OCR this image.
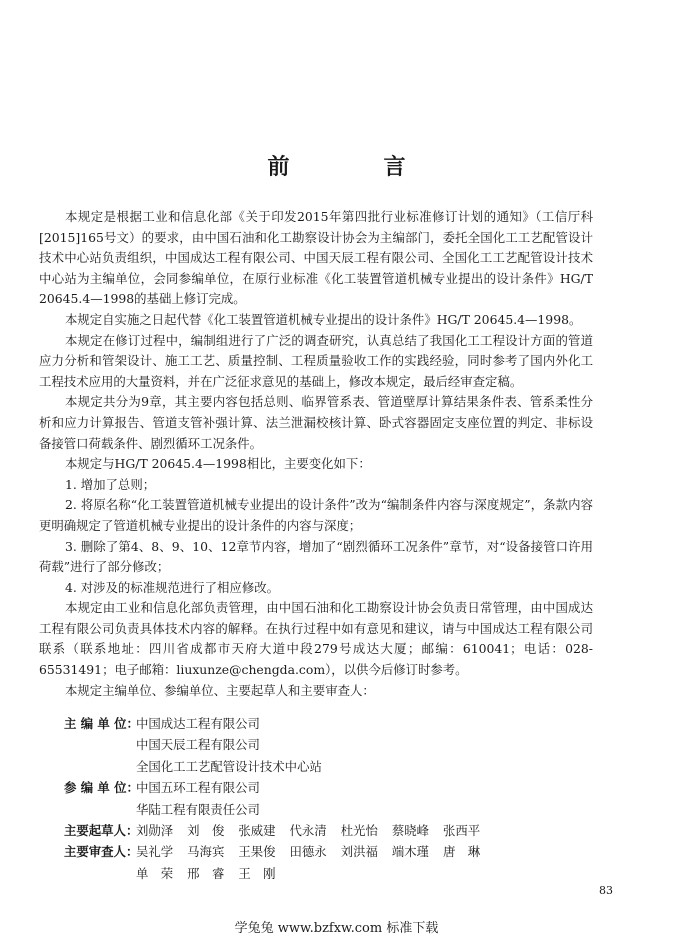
前　言

本规定是根据工业和信息化部《关于印发2015年第四批行业标准修订计划的通知》（工信厅科[2015]165号文）的要求，由中国石油和化工勘察设计协会为主编部门，委托全国化工工艺配管设计技术中心站负责组织，中国成达工程有限公司、中国天辰工程有限公司、全国化工工艺配管设计技术中心站为主编单位，会同参编单位，在原行业标准《化工装置管道机械专业提出的设计条件》HG/T 20645.4—1998的基础上修订完成。

本规定自实施之日起代替《化工装置管道机械专业提出的设计条件》HG/T 20645.4—1998。

本规定在修订过程中，编制组进行了广泛的调查研究，认真总结了我国化工工程设计方面的管道应力分析和管架设计、施工工艺、质量控制、工程质量验收工作的实践经验，同时参考了国内外化工工程技术应用的大量资料，并在广泛征求意见的基础上，修改本规定，最后经审查定稿。

本规定共分为9章，其主要内容包括总则、临界管系表、管道壁厚计算结果条件表、管系柔性分析和应力计算报告、管道支管补强计算、法兰泄漏校核计算、卧式容器固定支座位置的判定、非标设备接管口荷载条件、剧烈循环工况条件。

本规定与HG/T 20645.4—1998相比，主要变化如下：

1. 增加了总则；

2. 将原名称“化工装置管道机械专业提出的设计条件”改为“编制条件内容与深度规定”，条款内容更明确规定了管道机械专业提出的设计条件的内容与深度；

3. 删除了第4、8、9、10、12章节内容，增加了“剧烈循环工况条件”章节，对“设备接管口许用荷载”进行了部分修改；

4. 对涉及的标准规范进行了相应修改。

本规定由工业和信息化部负责管理，由中国石油和化工勘察设计协会负责日常管理，由中国成达工程有限公司负责具体技术内容的解释。在执行过程中如有意见和建议，请与中国成达工程有限公司联系（联系地址：四川省成都市天府大道中段279号成达大厦；邮编：610041；电话：028-65531491；电子邮箱：liuxunze@chengda.com），以供今后修订时参考。

本规定主编单位、参编单位、主要起草人和主要审查人：

主 编 单 位：
中国成达工程有限公司
中国天辰工程有限公司
全国化工工艺配管设计技术中心站
参 编 单 位：
中国五环工程有限公司
华陆工程有限责任公司
主要起草人：
刘勋泽 刘　俊 张威建 代永清 杜光怡 蔡晓峰 张西平
主要审查人：
吴礼学 马海宾 王果俊 田德永 刘洪福 端木瑾 唐　琳
单　荣 邢　睿 王　刚
83
学兔兔 www.bzfxw.com 标准下载
